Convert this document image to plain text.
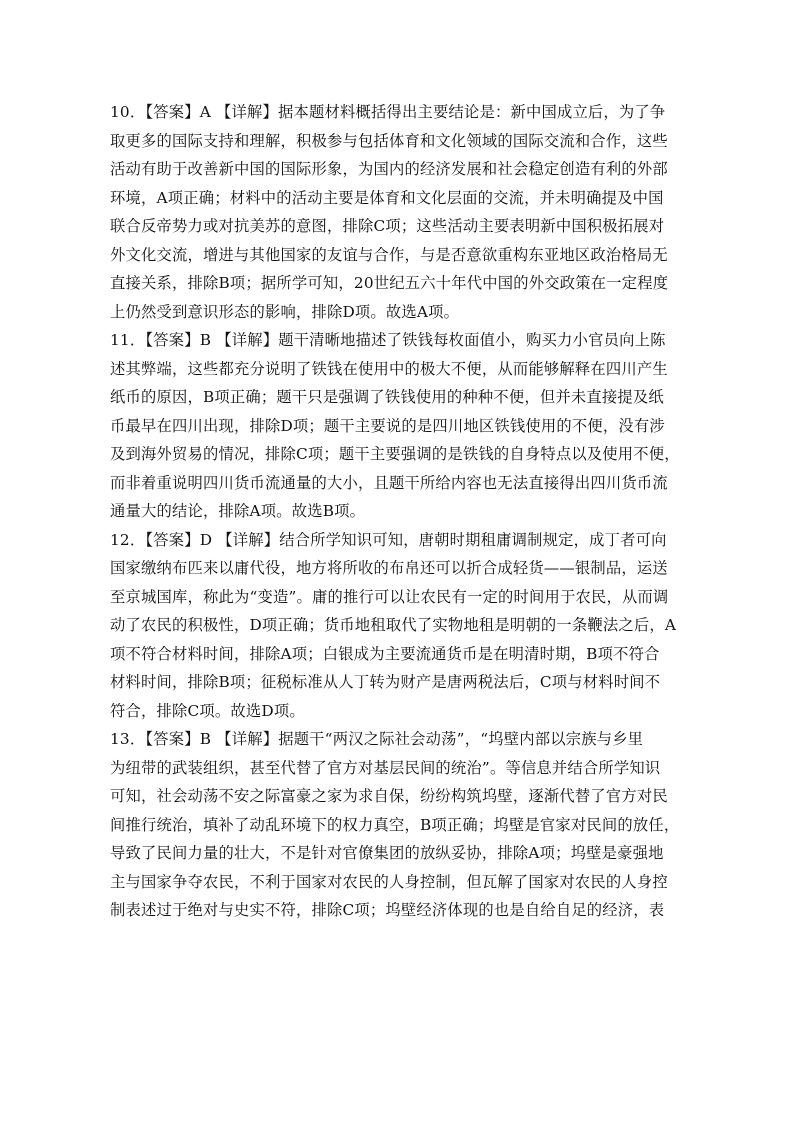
10．【答案】A 【详解】据本题材料概括得出主要结论是：新中国成立后，为了争
取更多的国际支持和理解，积极参与包括体育和文化领域的国际交流和合作，这些
活动有助于改善新中国的国际形象，为国内的经济发展和社会稳定创造有利的外部
环境，A项正确；材料中的活动主要是体育和文化层面的交流，并未明确提及中国
联合反帝势力或对抗美苏的意图，排除C项；这些活动主要表明新中国积极拓展对
外文化交流，增进与其他国家的友谊与合作，与是否意欲重构东亚地区政治格局无
直接关系，排除B项；据所学可知，20世纪五六十年代中国的外交政策在一定程度
上仍然受到意识形态的影响，排除D项。故选A项。
11．【答案】B 【详解】题干清晰地描述了铁钱每枚面值小，购买力小官员向上陈
述其弊端，这些都充分说明了铁钱在使用中的极大不便，从而能够解释在四川产生
纸币的原因，B项正确；题干只是强调了铁钱使用的种种不便，但并未直接提及纸
币最早在四川出现，排除D项；题干主要说的是四川地区铁钱使用的不便，没有涉
及到海外贸易的情况，排除C项；题干主要强调的是铁钱的自身特点以及使用不便，
而非着重说明四川货币流通量的大小，且题干所给内容也无法直接得出四川货币流
通量大的结论，排除A项。故选B项。
12．【答案】D 【详解】结合所学知识可知，唐朝时期租庸调制规定，成丁者可向
国家缴纳布匹来以庸代役，地方将所收的布帛还可以折合成轻货——银制品，运送
至京城国库，称此为“变造”。庸的推行可以让农民有一定的时间用于农民，从而调
动了农民的积极性，D项正确；货币地租取代了实物地租是明朝的一条鞭法之后，A
项不符合材料时间，排除A项；白银成为主要流通货币是在明清时期，B项不符合
材料时间，排除B项；征税标准从人丁转为财产是唐两税法后，C项与材料时间不
符合，排除C项。故选D项。
13．【答案】B 【详解】据题干“两汉之际社会动荡”，“坞壁内部以宗族与乡里
为纽带的武装组织，甚至代替了官方对基层民间的统治”。等信息并结合所学知识
可知，社会动荡不安之际富豪之家为求自保，纷纷构筑坞壁，逐渐代替了官方对民
间推行统治，填补了动乱环境下的权力真空，B项正确；坞壁是官家对民间的放任，
导致了民间力量的壮大，不是针对官僚集团的放纵妥协，排除A项；坞壁是豪强地
主与国家争夺农民，不利于国家对农民的人身控制，但瓦解了国家对农民的人身控
制表述过于绝对与史实不符，排除C项；坞壁经济体现的也是自给自足的经济，表
